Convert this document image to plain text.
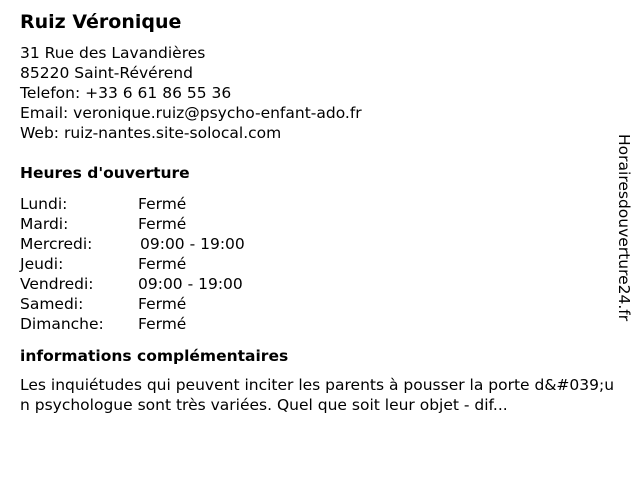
Ruiz Véronique
31 Rue des Lavandières
85220 Saint-Révérend
Telefon: +33 6 61 86 55 36
Email: veronique.ruiz@psycho-enfant-ado.fr
Web: ruiz-nantes.site-solocal.com
Heures d'ouverture
Lundi:	Fermé
Mardi:	Fermé
Mercredi:	09:00 - 19:00
Jeudi:	Fermé
Vendredi:	09:00 - 19:00
Samedi:	Fermé
Dimanche:	Fermé
informations complémentaires
Les inquiétudes qui peuvent inciter les parents à pousser la porte d&#039;un psychologue sont très variées. Quel que soit leur objet - dif...
Horairesdouverture24.fr
